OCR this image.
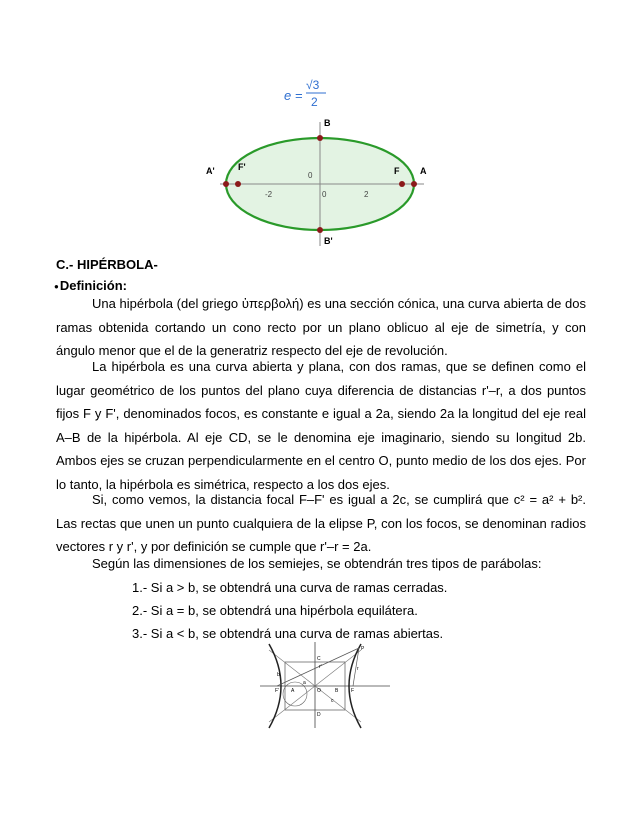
e =
√3
2
-2	0	2
0
B
B'
A'	F'	F A
C.- HIPÉRBOLA-
●Definición:

Una hipérbola (del griego ὑπερβολή) es una sección cónica, una curva abierta de dos ramas obtenida cortando un cono recto por un plano oblicuo al eje de simetría, y con ángulo menor que el de la generatriz respecto del eje de revolución.

La hipérbola es una curva abierta y plana, con dos ramas, que se definen como el lugar geométrico de los puntos del plano cuya diferencia de distancias r'–r, a dos puntos fijos F y F', denominados focos, es constante e igual a 2a, siendo 2a la longitud del eje real A–B de la hipérbola. Al eje CD, se le denomina eje imaginario, siendo su longitud 2b. Ambos ejes se cruzan perpendicularmente en el centro O, punto medio de los dos ejes. Por lo tanto, la hipérbola es simétrica, respecto a los dos ejes.

Si, como vemos, la distancia focal F–F' es igual a 2c, se cumplirá que c² = a² + b². Las rectas que unen un punto cualquiera de la elipse P, con los focos, se denominan radios vectores r y r', y por definición se cumple que r'–r = 2a.

Según las dimensiones de los semiejes, se obtendrán tres tipos de parábolas:

1.- Si a > b, se obtendrá una curva de ramas cerradas.
2.- Si a = b, se obtendrá una hipérbola equilátera.
3.- Si a < b, se obtendrá una curva de ramas abiertas.
P
r'	r
C
D
O
A	B
F'	F
a
b
c
